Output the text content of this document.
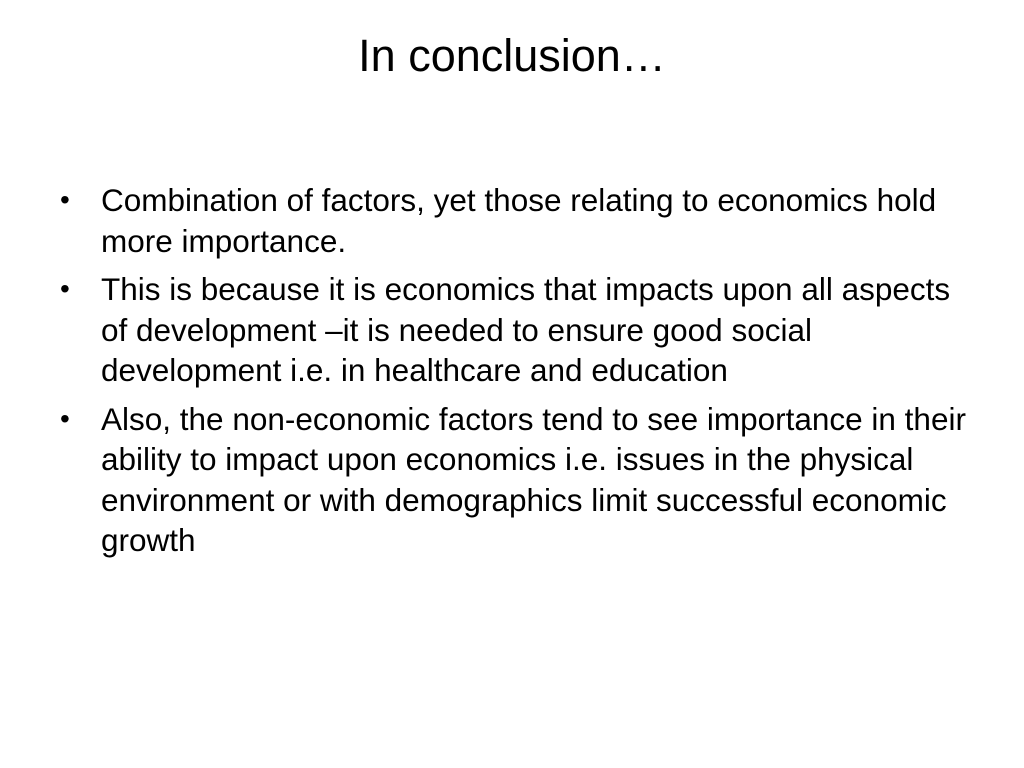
In conclusion…
• Combination of factors, yet those relating to economics hold more importance.
• This is because it is economics that impacts upon all aspects of development –it is needed to ensure good social development i.e. in healthcare and education
• Also, the non-economic factors tend to see importance in their ability to impact upon economics i.e. issues in the physical environment or with demographics limit successful economic growth
